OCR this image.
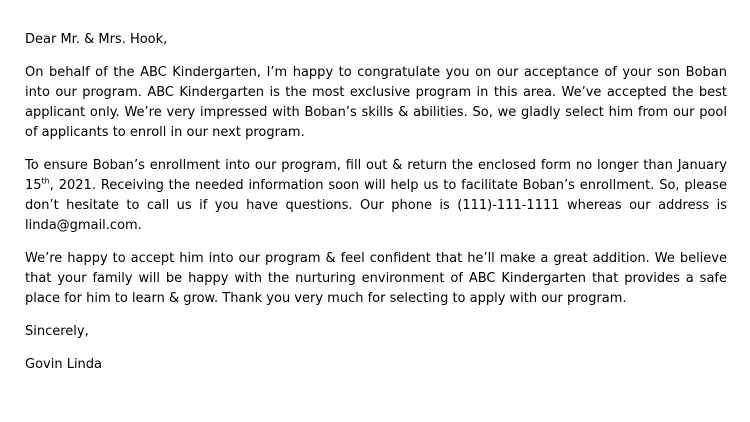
Dear Mr. & Mrs. Hook,

On behalf of the ABC Kindergarten, I’m happy to congratulate you on our acceptance of your son Boban into our program. ABC Kindergarten is the most exclusive program in this area. We’ve accepted the best applicant only. We’re very impressed with Boban’s skills & abilities. So, we gladly select him from our pool of applicants to enroll in our next program.

To ensure Boban’s enrollment into our program, fill out & return the enclosed form no longer than January 15th, 2021. Receiving the needed information soon will help us to facilitate Boban’s enrollment. So, please don’t hesitate to call us if you have questions. Our phone is (111)-111-1111 whereas our address is linda@gmail.com.

We’re happy to accept him into our program & feel confident that he’ll make a great addition. We believe that your family will be happy with the nurturing environment of ABC Kindergarten that provides a safe place for him to learn & grow. Thank you very much for selecting to apply with our program.

Sincerely,

Govin Linda
